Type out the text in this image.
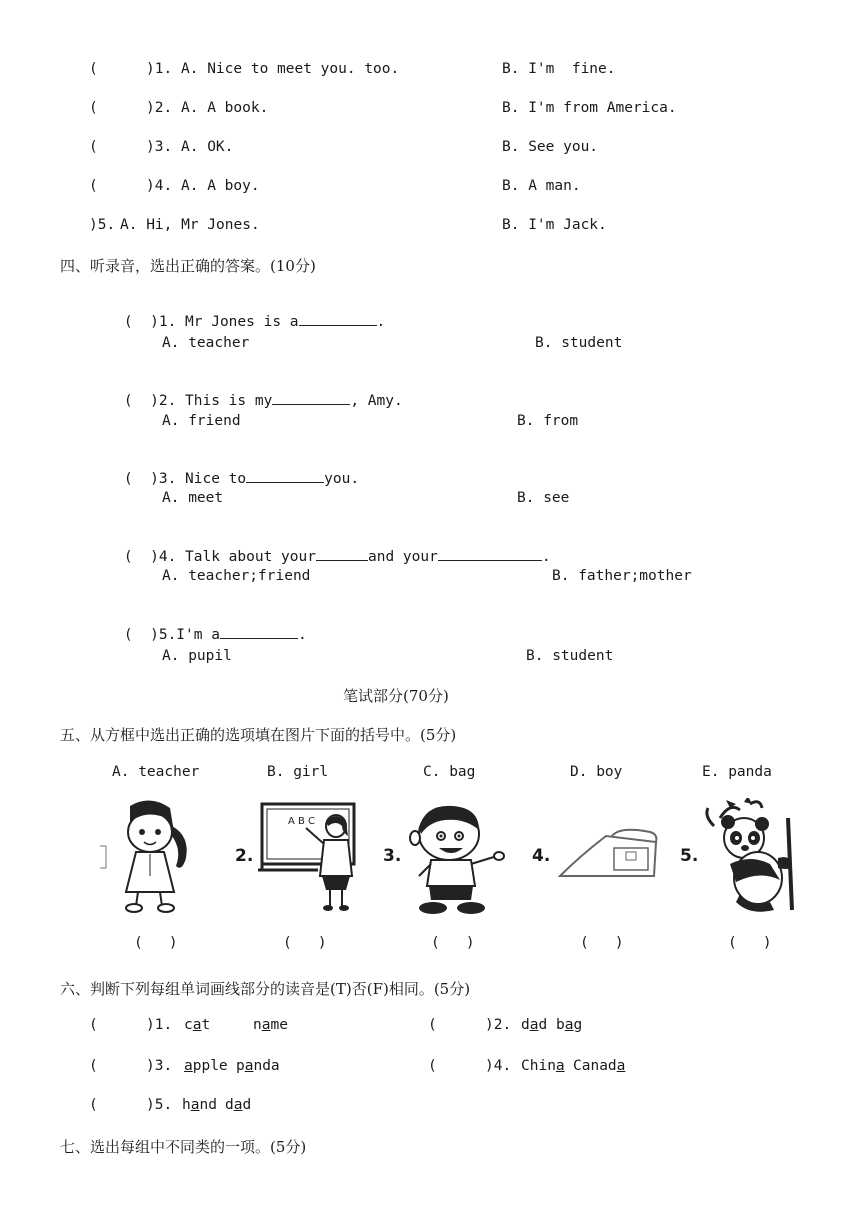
(	)1. A. Nice to meet you. too.	B. I'm  fine.
(	)2. A. A book.	B. I'm from America.
(	)3. A. OK.	B. See you.
(	)4. A. A boy.	B. A man.
)5. A. Hi, Mr Jones.	B. I'm Jack.
四、听录音，选出正确的答案。(10分)

(  )1. Mr Jones is a	.

A. teacher	B. student

(  )2. This is my	, Amy.

A. friend	B. from

(  )3. Nice to	you.

A. meet	B. see

(  )4. Talk about your	and your	.

A. teacher;friend	B. father;mother

(  )5.I'm a	.

A. pupil	B. student
笔试部分(70分)
五、从方框中选出正确的选项填在图片下面的括号中。(5分)
A. teacher	B. girl	C. bag	D. boy	E. panda
2.
A B C
3.	4.	5.
(   )	(   )	(   )	(   )	(   )
六、判断下列每组单词画线部分的读音是(T)否(F)相同。(5分)
(	)1. cat	name	(	)2. dad bag
(	)3. apple panda	(	)4. China Canada
(	)5. hand dad
七、选出每组中不同类的一项。(5分)
